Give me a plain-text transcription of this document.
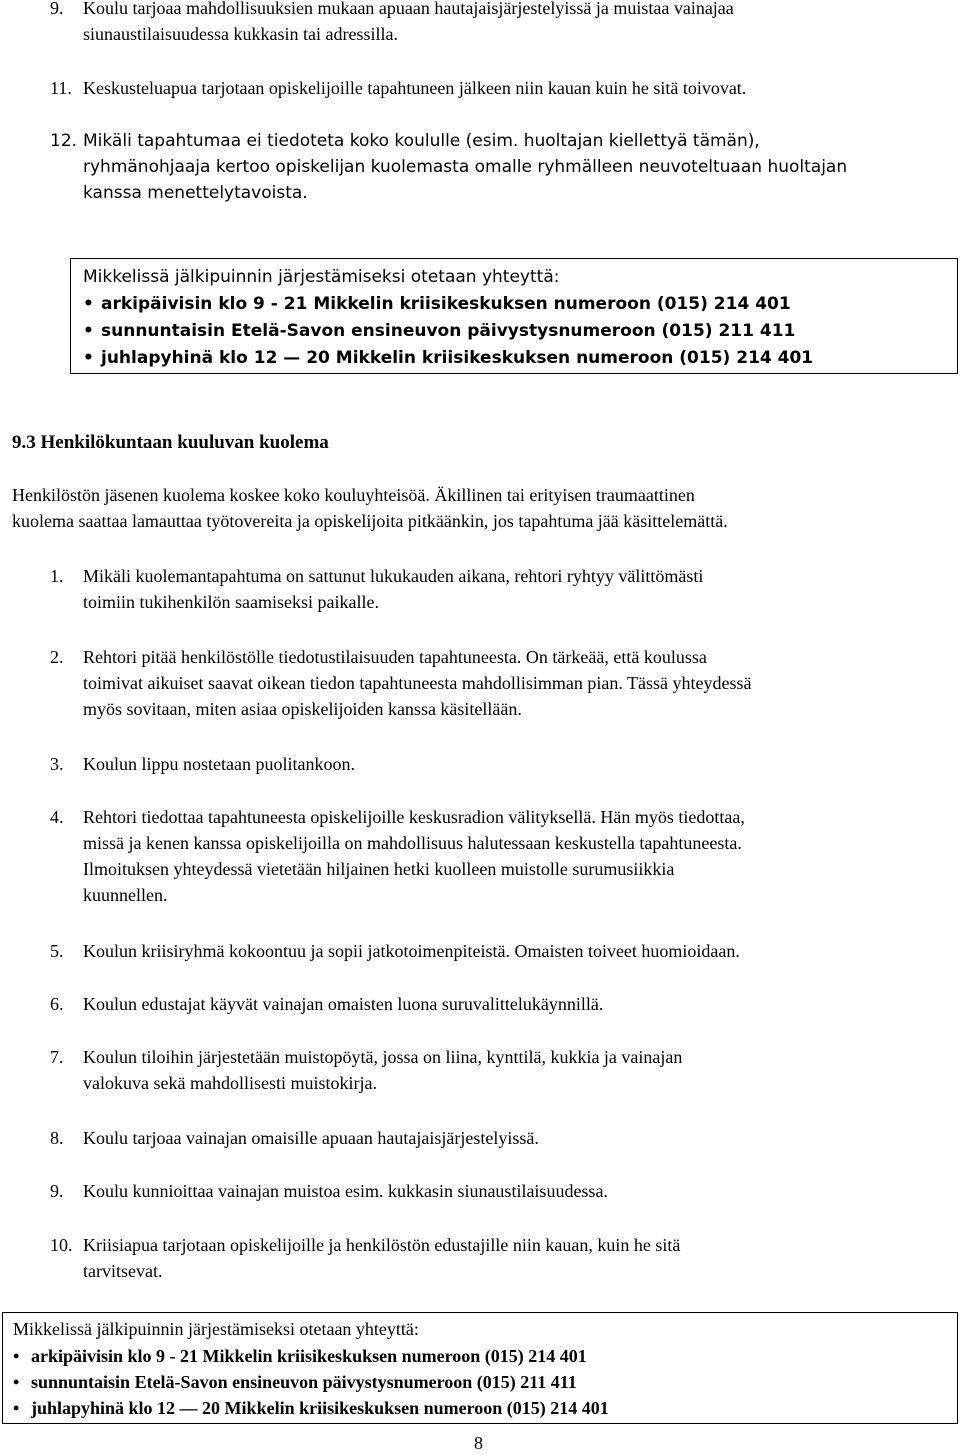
9. Koulu tarjoaa mahdollisuuksien mukaan apuaan hautajaisjärjestelyissä ja muistaa vainajaa
siunaustilaisuudessa kukkasin tai adressilla.
11. Keskusteluapua tarjotaan opiskelijoille tapahtuneen jälkeen niin kauan kuin he sitä toivovat.
12. Mikäli tapahtumaa ei tiedoteta koko koululle (esim. huoltajan kiellettyä tämän),
ryhmänohjaaja kertoo opiskelijan kuolemasta omalle ryhmälleen neuvoteltuaan huoltajan
kanssa menettelytavoista.
Mikkelissä jälkipuinnin järjestämiseksi otetaan yhteyttä:
• arkipäivisin klo 9 - 21 Mikkelin kriisikeskuksen numeroon (015) 214 401
• sunnuntaisin Etelä-Savon ensineuvon päivystysnumeroon (015) 211 411
• juhlapyhinä klo 12 — 20 Mikkelin kriisikeskuksen numeroon (015) 214 401
9.3 Henkilökuntaan kuuluvan kuolema
Henkilöstön jäsenen kuolema koskee koko kouluyhteisöä. Äkillinen tai erityisen traumaattinen
kuolema saattaa lamauttaa työtovereita ja opiskelijoita pitkäänkin, jos tapahtuma jää käsittelemättä.
1. Mikäli kuolemantapahtuma on sattunut lukukauden aikana, rehtori ryhtyy välittömästi
toimiin tukihenkilön saamiseksi paikalle.
2. Rehtori pitää henkilöstölle tiedotustilaisuuden tapahtuneesta. On tärkeää, että koulussa
toimivat aikuiset saavat oikean tiedon tapahtuneesta mahdollisimman pian. Tässä yhteydessä
myös sovitaan, miten asiaa opiskelijoiden kanssa käsitellään.
3. Koulun lippu nostetaan puolitankoon.
4. Rehtori tiedottaa tapahtuneesta opiskelijoille keskusradion välityksellä. Hän myös tiedottaa,
missä ja kenen kanssa opiskelijoilla on mahdollisuus halutessaan keskustella tapahtuneesta.
Ilmoituksen yhteydessä vietetään hiljainen hetki kuolleen muistolle surumusiikkia
kuunnellen.
5. Koulun kriisiryhmä kokoontuu ja sopii jatkotoimenpiteistä. Omaisten toiveet huomioidaan.
6. Koulun edustajat käyvät vainajan omaisten luona suruvalittelukäynnillä.
7. Koulun tiloihin järjestetään muistopöytä, jossa on liina, kynttilä, kukkia ja vainajan
valokuva sekä mahdollisesti muistokirja.
8. Koulu tarjoaa vainajan omaisille apuaan hautajaisjärjestelyissä.
9. Koulu kunnioittaa vainajan muistoa esim. kukkasin siunaustilaisuudessa.
10. Kriisiapua tarjotaan opiskelijoille ja henkilöstön edustajille niin kauan, kuin he sitä
tarvitsevat.
Mikkelissä jälkipuinnin järjestämiseksi otetaan yhteyttä:
• arkipäivisin klo 9 - 21 Mikkelin kriisikeskuksen numeroon (015) 214 401
• sunnuntaisin Etelä-Savon ensineuvon päivystysnumeroon (015) 211 411
• juhlapyhinä klo 12 — 20 Mikkelin kriisikeskuksen numeroon (015) 214 401
8
